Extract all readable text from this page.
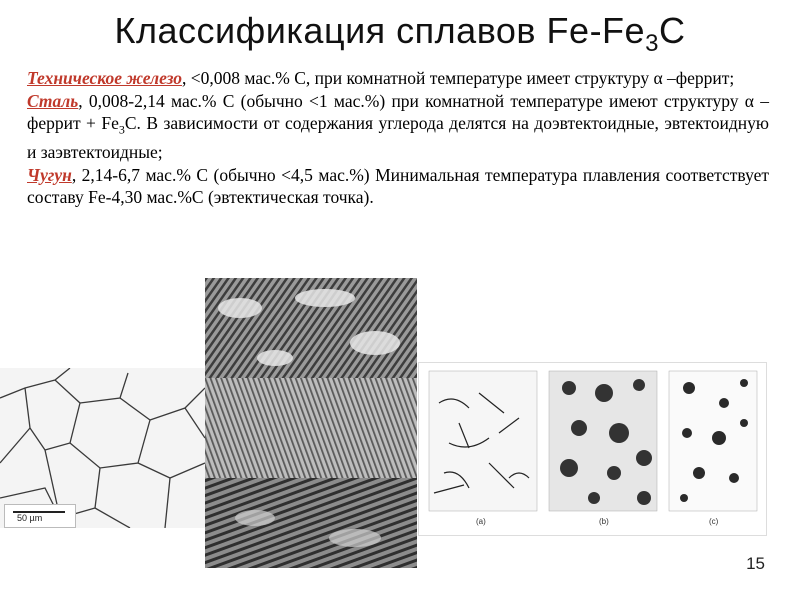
Классификация сплавов $Fe-Fe_3C$

Техническое железо, <0,008 мас.% С, при комнатной температуре имеет структуру α –феррит;

Сталь, 0,008-2,14 мас.% С (обычно <1 мас.%) при комнатной температуре имеют структуру α –феррит + $Fe_3С$. В зависимости от содержания углерода делятся на доэвтектоидные, эвтектоидную и заэвтектоидные;

Чугун, 2,14-6,7 мас.% С (обычно <4,5 мас.%) Минимальная температура плавления соответствует составу Fe-4,30 мас.%С (эвтектическая точка).

50 µm	(a)	(b)	(c)
15
